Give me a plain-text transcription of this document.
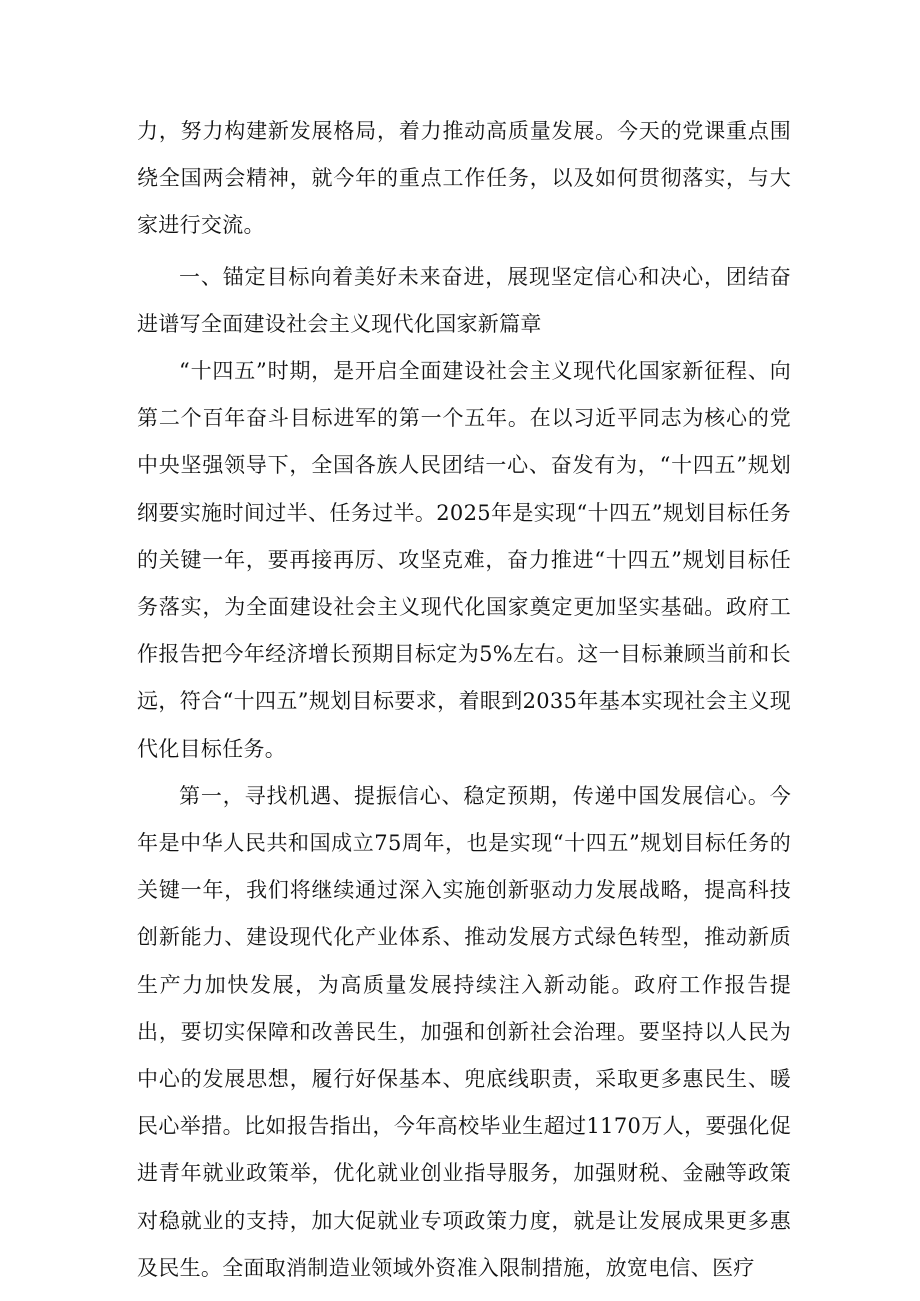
力，努力构建新发展格局，着力推动高质量发展。今天的党课重点围绕全国两会精神，就今年的重点工作任务，以及如何贯彻落实，与大家进行交流。

一、锚定目标向着美好未来奋进，展现坚定信心和决心，团结奋进谱写全面建设社会主义现代化国家新篇章

“十四五”时期，是开启全面建设社会主义现代化国家新征程、向第二个百年奋斗目标进军的第一个五年。在以习近平同志为核心的党中央坚强领导下，全国各族人民团结一心、奋发有为，“十四五”规划纲要实施时间过半、任务过半。2025年是实现“十四五”规划目标任务的关键一年，要再接再厉、攻坚克难，奋力推进“十四五”规划目标任务落实，为全面建设社会主义现代化国家奠定更加坚实基础。政府工作报告把今年经济增长预期目标定为5%左右。这一目标兼顾当前和长远，符合“十四五”规划目标要求，着眼到2035年基本实现社会主义现代化目标任务。

第一，寻找机遇、提振信心、稳定预期，传递中国发展信心。今年是中华人民共和国成立75周年，也是实现“十四五”规划目标任务的关键一年，我们将继续通过深入实施创新驱动力发展战略，提高科技创新能力、建设现代化产业体系、推动发展方式绿色转型，推动新质生产力加快发展，为高质量发展持续注入新动能。政府工作报告提出，要切实保障和改善民生，加强和创新社会治理。要坚持以人民为中心的发展思想，履行好保基本、兜底线职责，采取更多惠民生、暖民心举措。比如报告指出，今年高校毕业生超过1170万人，要强化促进青年就业政策举，优化就业创业指导服务，加强财税、金融等政策对稳就业的支持，加大促就业专项政策力度，就是让发展成果更多惠及民生。全面取消制造业领域外资准入限制措施，放宽电信、医疗
